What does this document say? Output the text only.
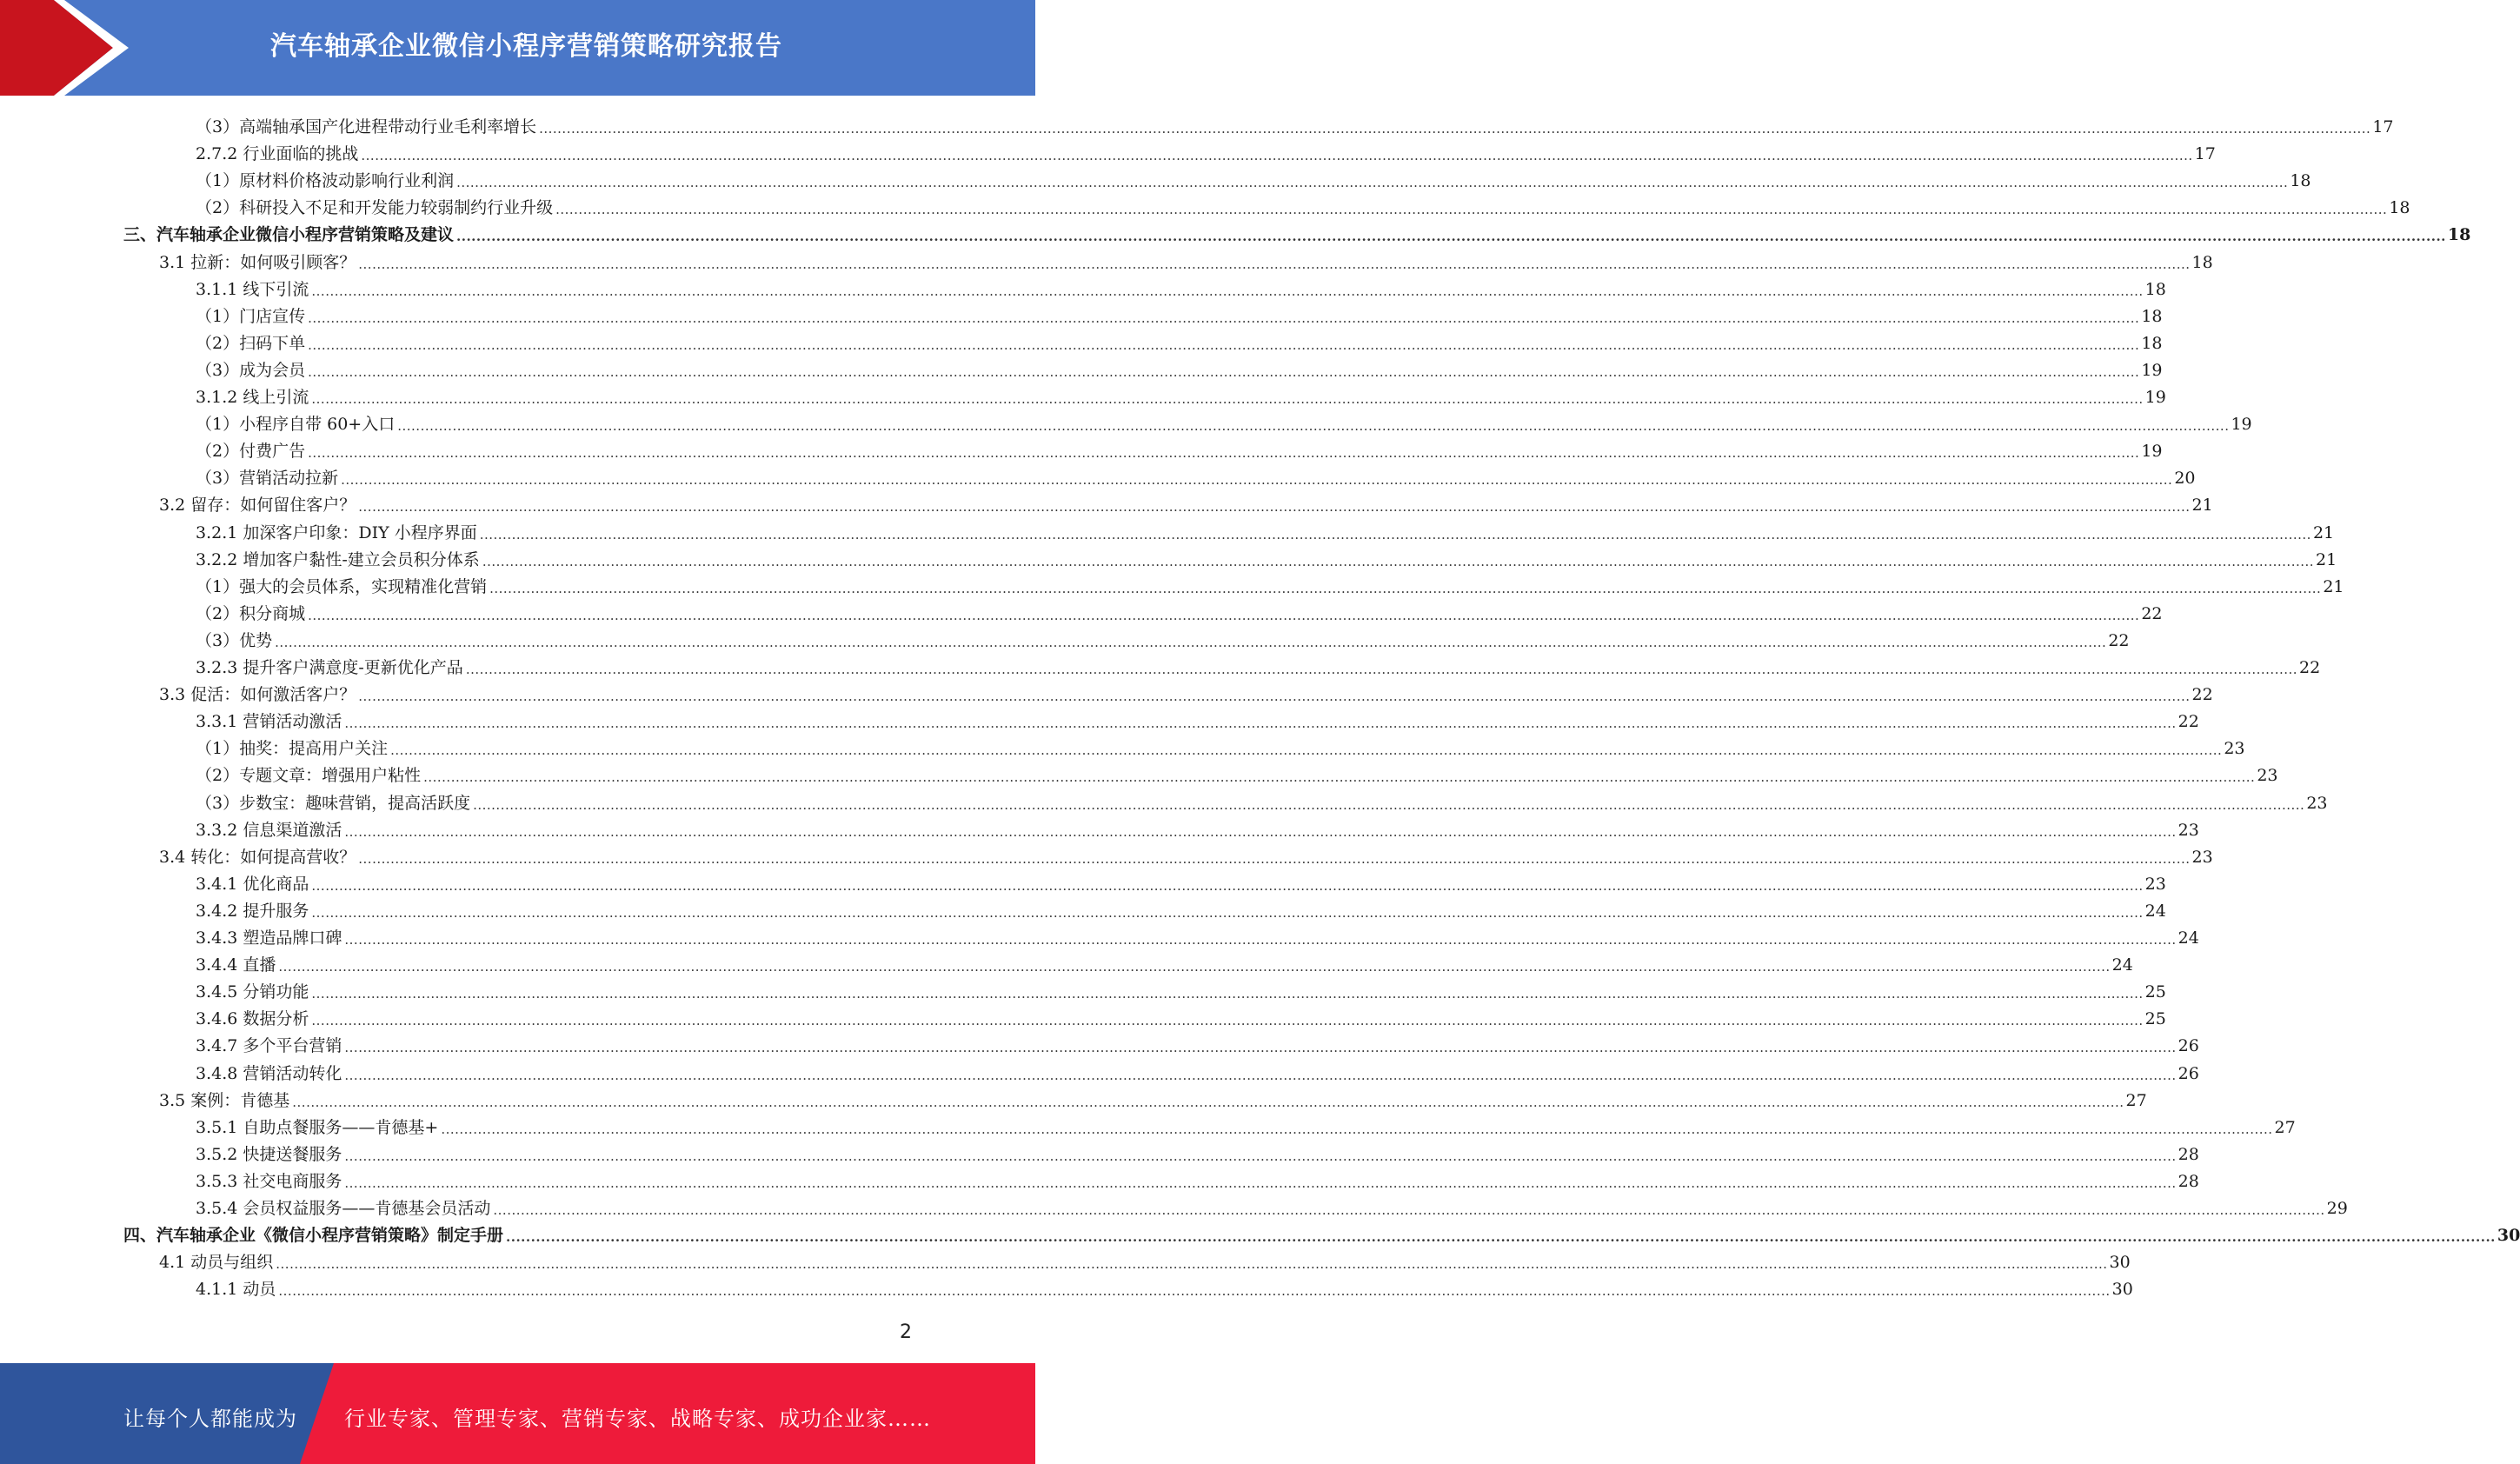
汽车轴承企业微信小程序营销策略研究报告
（3）高端轴承国产化进程带动行业毛利率增长 ................................................................................................................................................................................................................................................................................................................................................................................................................ 17
2.7.2 行业面临的挑战 ................................................................................................................................................................................................................................................................................................................................................................................................................ 17
（1）原材料价格波动影响行业利润 ................................................................................................................................................................................................................................................................................................................................................................................................................ 18
（2）科研投入不足和开发能力较弱制约行业升级 ................................................................................................................................................................................................................................................................................................................................................................................................................ 18
三、汽车轴承企业微信小程序营销策略及建议 ................................................................................................................................................................................................................................................................................................................................................................................................................ 18
3.1 拉新：如何吸引顾客？ ................................................................................................................................................................................................................................................................................................................................................................................................................ 18
3.1.1 线下引流 ................................................................................................................................................................................................................................................................................................................................................................................................................ 18
（1）门店宣传 ................................................................................................................................................................................................................................................................................................................................................................................................................ 18
（2）扫码下单 ................................................................................................................................................................................................................................................................................................................................................................................................................ 18
（3）成为会员 ................................................................................................................................................................................................................................................................................................................................................................................................................ 19
3.1.2 线上引流 ................................................................................................................................................................................................................................................................................................................................................................................................................ 19
（1）小程序自带 60+入口 ................................................................................................................................................................................................................................................................................................................................................................................................................ 19
（2）付费广告 ................................................................................................................................................................................................................................................................................................................................................................................................................ 19
（3）营销活动拉新 ................................................................................................................................................................................................................................................................................................................................................................................................................ 20
3.2 留存：如何留住客户？ ................................................................................................................................................................................................................................................................................................................................................................................................................ 21
3.2.1 加深客户印象：DIY 小程序界面 ................................................................................................................................................................................................................................................................................................................................................................................................................ 21
3.2.2 增加客户黏性-建立会员积分体系 ................................................................................................................................................................................................................................................................................................................................................................................................................ 21
（1）强大的会员体系，实现精准化营销 ................................................................................................................................................................................................................................................................................................................................................................................................................ 21
（2）积分商城 ................................................................................................................................................................................................................................................................................................................................................................................................................ 22
（3）优势 ................................................................................................................................................................................................................................................................................................................................................................................................................ 22
3.2.3 提升客户满意度-更新优化产品 ................................................................................................................................................................................................................................................................................................................................................................................................................ 22
3.3 促活：如何激活客户？ ................................................................................................................................................................................................................................................................................................................................................................................................................ 22
3.3.1 营销活动激活 ................................................................................................................................................................................................................................................................................................................................................................................................................ 22
（1）抽奖：提高用户关注 ................................................................................................................................................................................................................................................................................................................................................................................................................ 23
（2）专题文章：增强用户粘性 ................................................................................................................................................................................................................................................................................................................................................................................................................ 23
（3）步数宝：趣味营销，提高活跃度 ................................................................................................................................................................................................................................................................................................................................................................................................................ 23
3.3.2 信息渠道激活 ................................................................................................................................................................................................................................................................................................................................................................................................................ 23
3.4 转化：如何提高营收？ ................................................................................................................................................................................................................................................................................................................................................................................................................ 23
3.4.1 优化商品 ................................................................................................................................................................................................................................................................................................................................................................................................................ 23
3.4.2 提升服务 ................................................................................................................................................................................................................................................................................................................................................................................................................ 24
3.4.3 塑造品牌口碑 ................................................................................................................................................................................................................................................................................................................................................................................................................ 24
3.4.4 直播 ................................................................................................................................................................................................................................................................................................................................................................................................................ 24
3.4.5 分销功能 ................................................................................................................................................................................................................................................................................................................................................................................................................ 25
3.4.6 数据分析 ................................................................................................................................................................................................................................................................................................................................................................................................................ 25
3.4.7 多个平台营销 ................................................................................................................................................................................................................................................................................................................................................................................................................ 26
3.4.8 营销活动转化 ................................................................................................................................................................................................................................................................................................................................................................................................................ 26
3.5 案例：肯德基 ................................................................................................................................................................................................................................................................................................................................................................................................................ 27
3.5.1 自助点餐服务——肯德基+ ................................................................................................................................................................................................................................................................................................................................................................................................................ 27
3.5.2 快捷送餐服务 ................................................................................................................................................................................................................................................................................................................................................................................................................ 28
3.5.3 社交电商服务 ................................................................................................................................................................................................................................................................................................................................................................................................................ 28
3.5.4 会员权益服务——肯德基会员活动 ................................................................................................................................................................................................................................................................................................................................................................................................................ 29
四、汽车轴承企业《微信小程序营销策略》制定手册 ................................................................................................................................................................................................................................................................................................................................................................................................................ 30
4.1 动员与组织 ................................................................................................................................................................................................................................................................................................................................................................................................................ 30
4.1.1 动员 ................................................................................................................................................................................................................................................................................................................................................................................................................ 30
2
让每个人都能成为 行业专家、管理专家、营销专家、战略专家、成功企业家……
